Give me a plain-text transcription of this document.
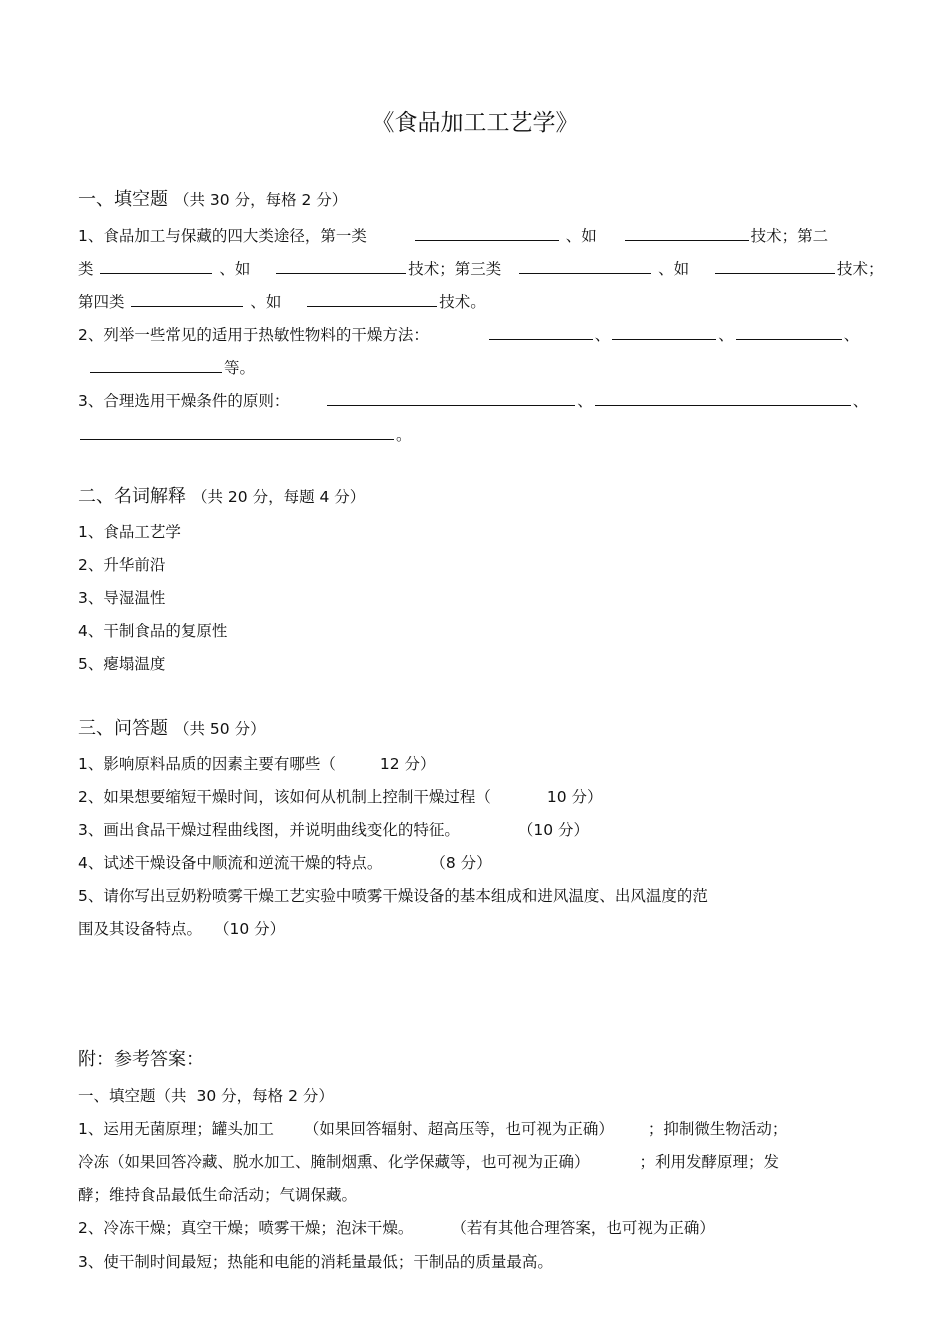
《食品加工工艺学》
一、填空题 （共 30 分，每格 2 分）
1、食品加工与保藏的四大类途径，第一类	、如	技术；第二
类	、如	技术；第三类	、如	技术；
第四类	、如	技术。
2、列举一些常见的适用于热敏性物料的干燥方法：	、	、	、
等。
3、合理选用干燥条件的原则：	、	、
。
二、名词解释 （共 20 分，每题 4 分）
1、食品工艺学
2、升华前沿
3、导湿温性
4、干制食品的复原性
5、瘪塌温度
三、问答题 （共 50 分）
1、影响原料品质的因素主要有哪些（	12 分）
2、如果想要缩短干燥时间，该如何从机制上控制干燥过程（	10 分）
3、画出食品干燥过程曲线图，并说明曲线变化的特征。	（10 分）
4、试述干燥设备中顺流和逆流干燥的特点。	（8 分）
5、请你写出豆奶粉喷雾干燥工艺实验中喷雾干燥设备的基本组成和进风温度、出风温度的范
围及其设备特点。 （10 分）
附：参考答案：
一、填空题（共 30 分，每格 2 分）
1、运用无菌原理；罐头加工 （如果回答辐射、超高压等，也可视为正确） ；抑制微生物活动；
冷冻（如果回答冷藏、脱水加工、腌制烟熏、化学保藏等，也可视为正确）	；利用发酵原理；发
酵；维持食品最低生命活动；气调保藏。
2、冷冻干燥；真空干燥；喷雾干燥；泡沫干燥。 （若有其他合理答案，也可视为正确）
3、使干制时间最短；热能和电能的消耗量最低；干制品的质量最高。
